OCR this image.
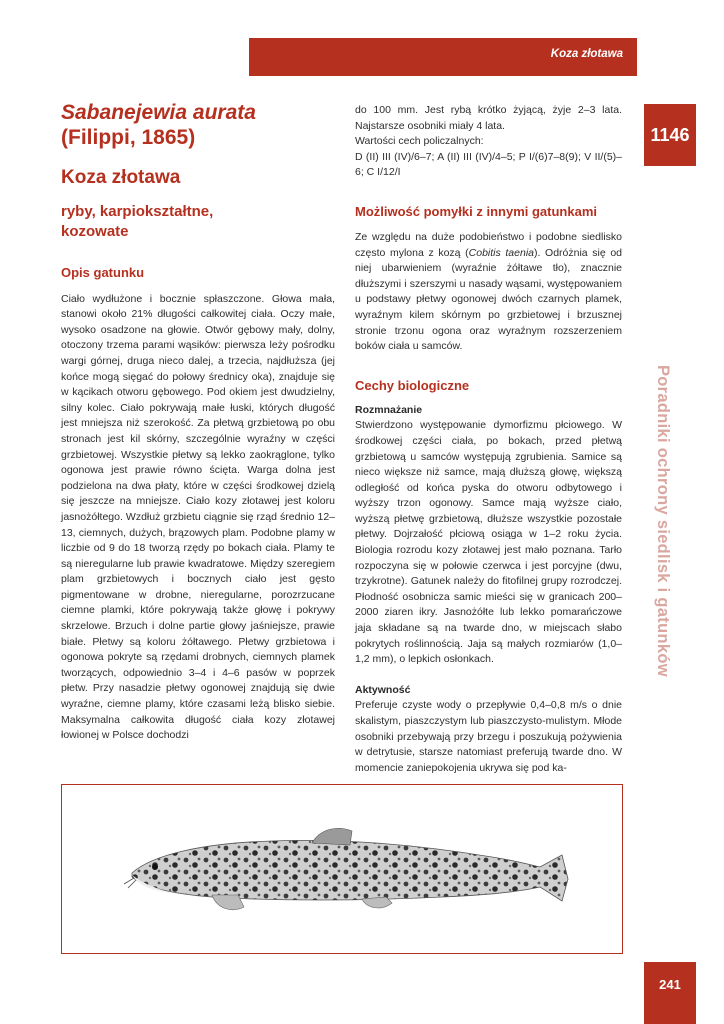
Koza złotawa
1146
Poradniki ochrony siedlisk i gatunków
Sabanejewia aurata
(Filippi, 1865)
Koza złotawa
ryby, karpiokształtne, kozowate
Opis gatunku

Ciało wydłużone i bocznie spłaszczone. Głowa mała, stanowi około 21% długości całkowitej ciała. Oczy małe, wysoko osadzone na głowie. Otwór gębowy mały, dolny, otoczony trzema parami wąsików: pierwsza leży pośrodku wargi górnej, druga nieco dalej, a trzecia, najdłuższa (jej końce mogą sięgać do połowy średnicy oka), znajduje się w kącikach otworu gębowego. Pod okiem jest dwudzielny, silny kolec. Ciało pokrywają małe łuski, których długość jest mniejsza niż szerokość. Za płetwą grzbietową po obu stronach jest kil skórny, szczególnie wyraźny w części grzbietowej. Wszystkie płetwy są lekko zaokrąglone, tylko ogonowa jest prawie równo ścięta. Warga dolna jest podzielona na dwa płaty, które w części środkowej dzielą się jeszcze na mniejsze. Ciało kozy złotawej jest koloru jasnożółtego. Wzdłuż grzbietu ciągnie się rząd średnio 12–13, ciemnych, dużych, brązowych plam. Podobne plamy w liczbie od 9 do 18 tworzą rzędy po bokach ciała. Plamy te są nieregularne lub prawie kwadratowe. Między szeregiem plam grzbietowych i bocznych ciało jest gęsto pigmentowane w drobne, nieregularne, porozrzucane ciemne plamki, które pokrywają także głowę i pokrywy skrzelowe. Brzuch i dolne partie głowy jaśniejsze, prawie białe. Płetwy są koloru żółtawego. Płetwy grzbietowa i ogonowa pokryte są rzędami drobnych, ciemnych plamek tworzących, odpowiednio 3–4 i 4–6 pasów w poprzek płetw. Przy nasadzie płetwy ogonowej znajdują się dwie wyraźne, ciemne plamy, które czasami leżą blisko siebie. Maksymalna całkowita długość ciała kozy złotawej łowionej w Polsce dochodzi

do 100 mm. Jest rybą krótko żyjącą, żyje 2–3 lata. Najstarsze osobniki miały 4 lata.

Wartości cech policzalnych:

D (II) III (IV)/6–7; A (II) III (IV)/4–5; P I/(6)7–8(9); V II/(5)–6; C I/12/I

Możliwość pomyłki z innymi gatunkami

Ze względu na duże podobieństwo i podobne siedlisko często mylona z kozą (Cobitis taenia). Odróżnia się od niej ubarwieniem (wyraźnie żółtawe tło), znacznie dłuższymi i szerszymi u nasady wąsami, występowaniem u podstawy płetwy ogonowej dwóch czarnych plamek, wyraźnym kilem skórnym po grzbietowej i brzusznej stronie trzonu ogona oraz wyraźnym rozszerzeniem boków ciała u samców.

Cechy biologiczne
Rozmnażanie

Stwierdzono występowanie dymorfizmu płciowego. W środkowej części ciała, po bokach, przed płetwą grzbietową u samców występują zgrubienia. Samice są nieco większe niż samce, mają dłuższą głowę, większą odległość od końca pyska do otworu odbytowego i wyższy trzon ogonowy. Samce mają wyższe ciało, wyższą płetwę grzbietową, dłuższe wszystkie pozostałe płetwy. Dojrzałość płciową osiąga w 1–2 roku życia. Biologia rozrodu kozy złotawej jest mało poznana. Tarło rozpoczyna się w połowie czerwca i jest porcyjne (dwu, trzykrotne). Gatunek należy do fitofilnej grupy rozrodczej. Płodność osobnicza samic mieści się w granicach 200–2000 ziaren ikry. Jasnożółte lub lekko pomarańczowe jaja składane są na twarde dno, w miejscach słabo pokrytych roślinnością. Jaja są małych rozmiarów (1,0–1,2 mm), o lepkich osłonkach.

Aktywność

Preferuje czyste wody o przepływie 0,4–0,8 m/s o dnie skalistym, piaszczystym lub piaszczysto-mulistym. Młode osobniki przebywają przy brzegu i poszukują pożywienia w detrytusie, starsze natomiast preferują twarde dno. W momencie zaniepokojenia ukrywa się pod ka-

241
